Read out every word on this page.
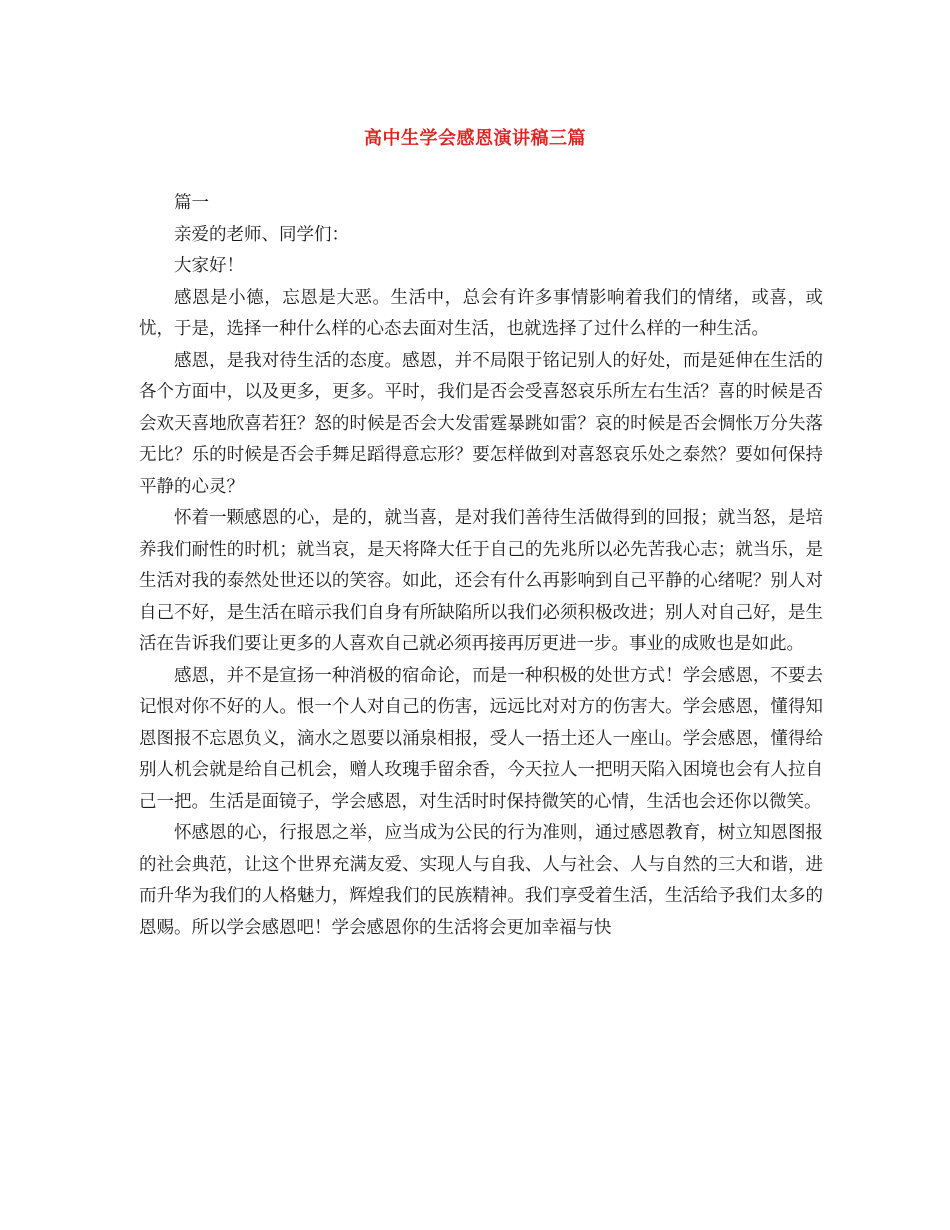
高中生学会感恩演讲稿三篇

篇一

亲爱的老师、同学们：

大家好！

感恩是小德，忘恩是大恶。生活中，总会有许多事情影响着我们的情绪，或喜，或忧，于是，选择一种什么样的心态去面对生活，也就选择了过什么样的一种生活。

感恩，是我对待生活的态度。感恩，并不局限于铭记别人的好处，而是延伸在生活的各个方面中，以及更多，更多。平时，我们是否会受喜怒哀乐所左右生活？喜的时候是否会欢天喜地欣喜若狂？怒的时候是否会大发雷霆暴跳如雷？哀的时候是否会惆怅万分失落无比？乐的时候是否会手舞足蹈得意忘形？要怎样做到对喜怒哀乐处之泰然？要如何保持平静的心灵？

怀着一颗感恩的心，是的，就当喜，是对我们善待生活做得到的回报；就当怒，是培养我们耐性的时机；就当哀，是天将降大任于自己的先兆所以必先苦我心志；就当乐，是生活对我的泰然处世还以的笑容。如此，还会有什么再影响到自己平静的心绪呢？别人对自己不好，是生活在暗示我们自身有所缺陷所以我们必须积极改进；别人对自己好，是生活在告诉我们要让更多的人喜欢自己就必须再接再厉更进一步。事业的成败也是如此。

感恩，并不是宣扬一种消极的宿命论，而是一种积极的处世方式！学会感恩，不要去记恨对你不好的人。恨一个人对自己的伤害，远远比对对方的伤害大。学会感恩，懂得知恩图报不忘恩负义，滴水之恩要以涌泉相报，受人一捂土还人一座山。学会感恩，懂得给别人机会就是给自己机会，赠人玫瑰手留余香，今天拉人一把明天陷入困境也会有人拉自己一把。生活是面镜子，学会感恩，对生活时时保持微笑的心情，生活也会还你以微笑。

怀感恩的心，行报恩之举，应当成为公民的行为准则，通过感恩教育，树立知恩图报的社会典范，让这个世界充满友爱、实现人与自我、人与社会、人与自然的三大和谐，进而升华为我们的人格魅力，辉煌我们的民族精神。我们享受着生活，生活给予我们太多的恩赐。所以学会感恩吧！学会感恩你的生活将会更加幸福与快
